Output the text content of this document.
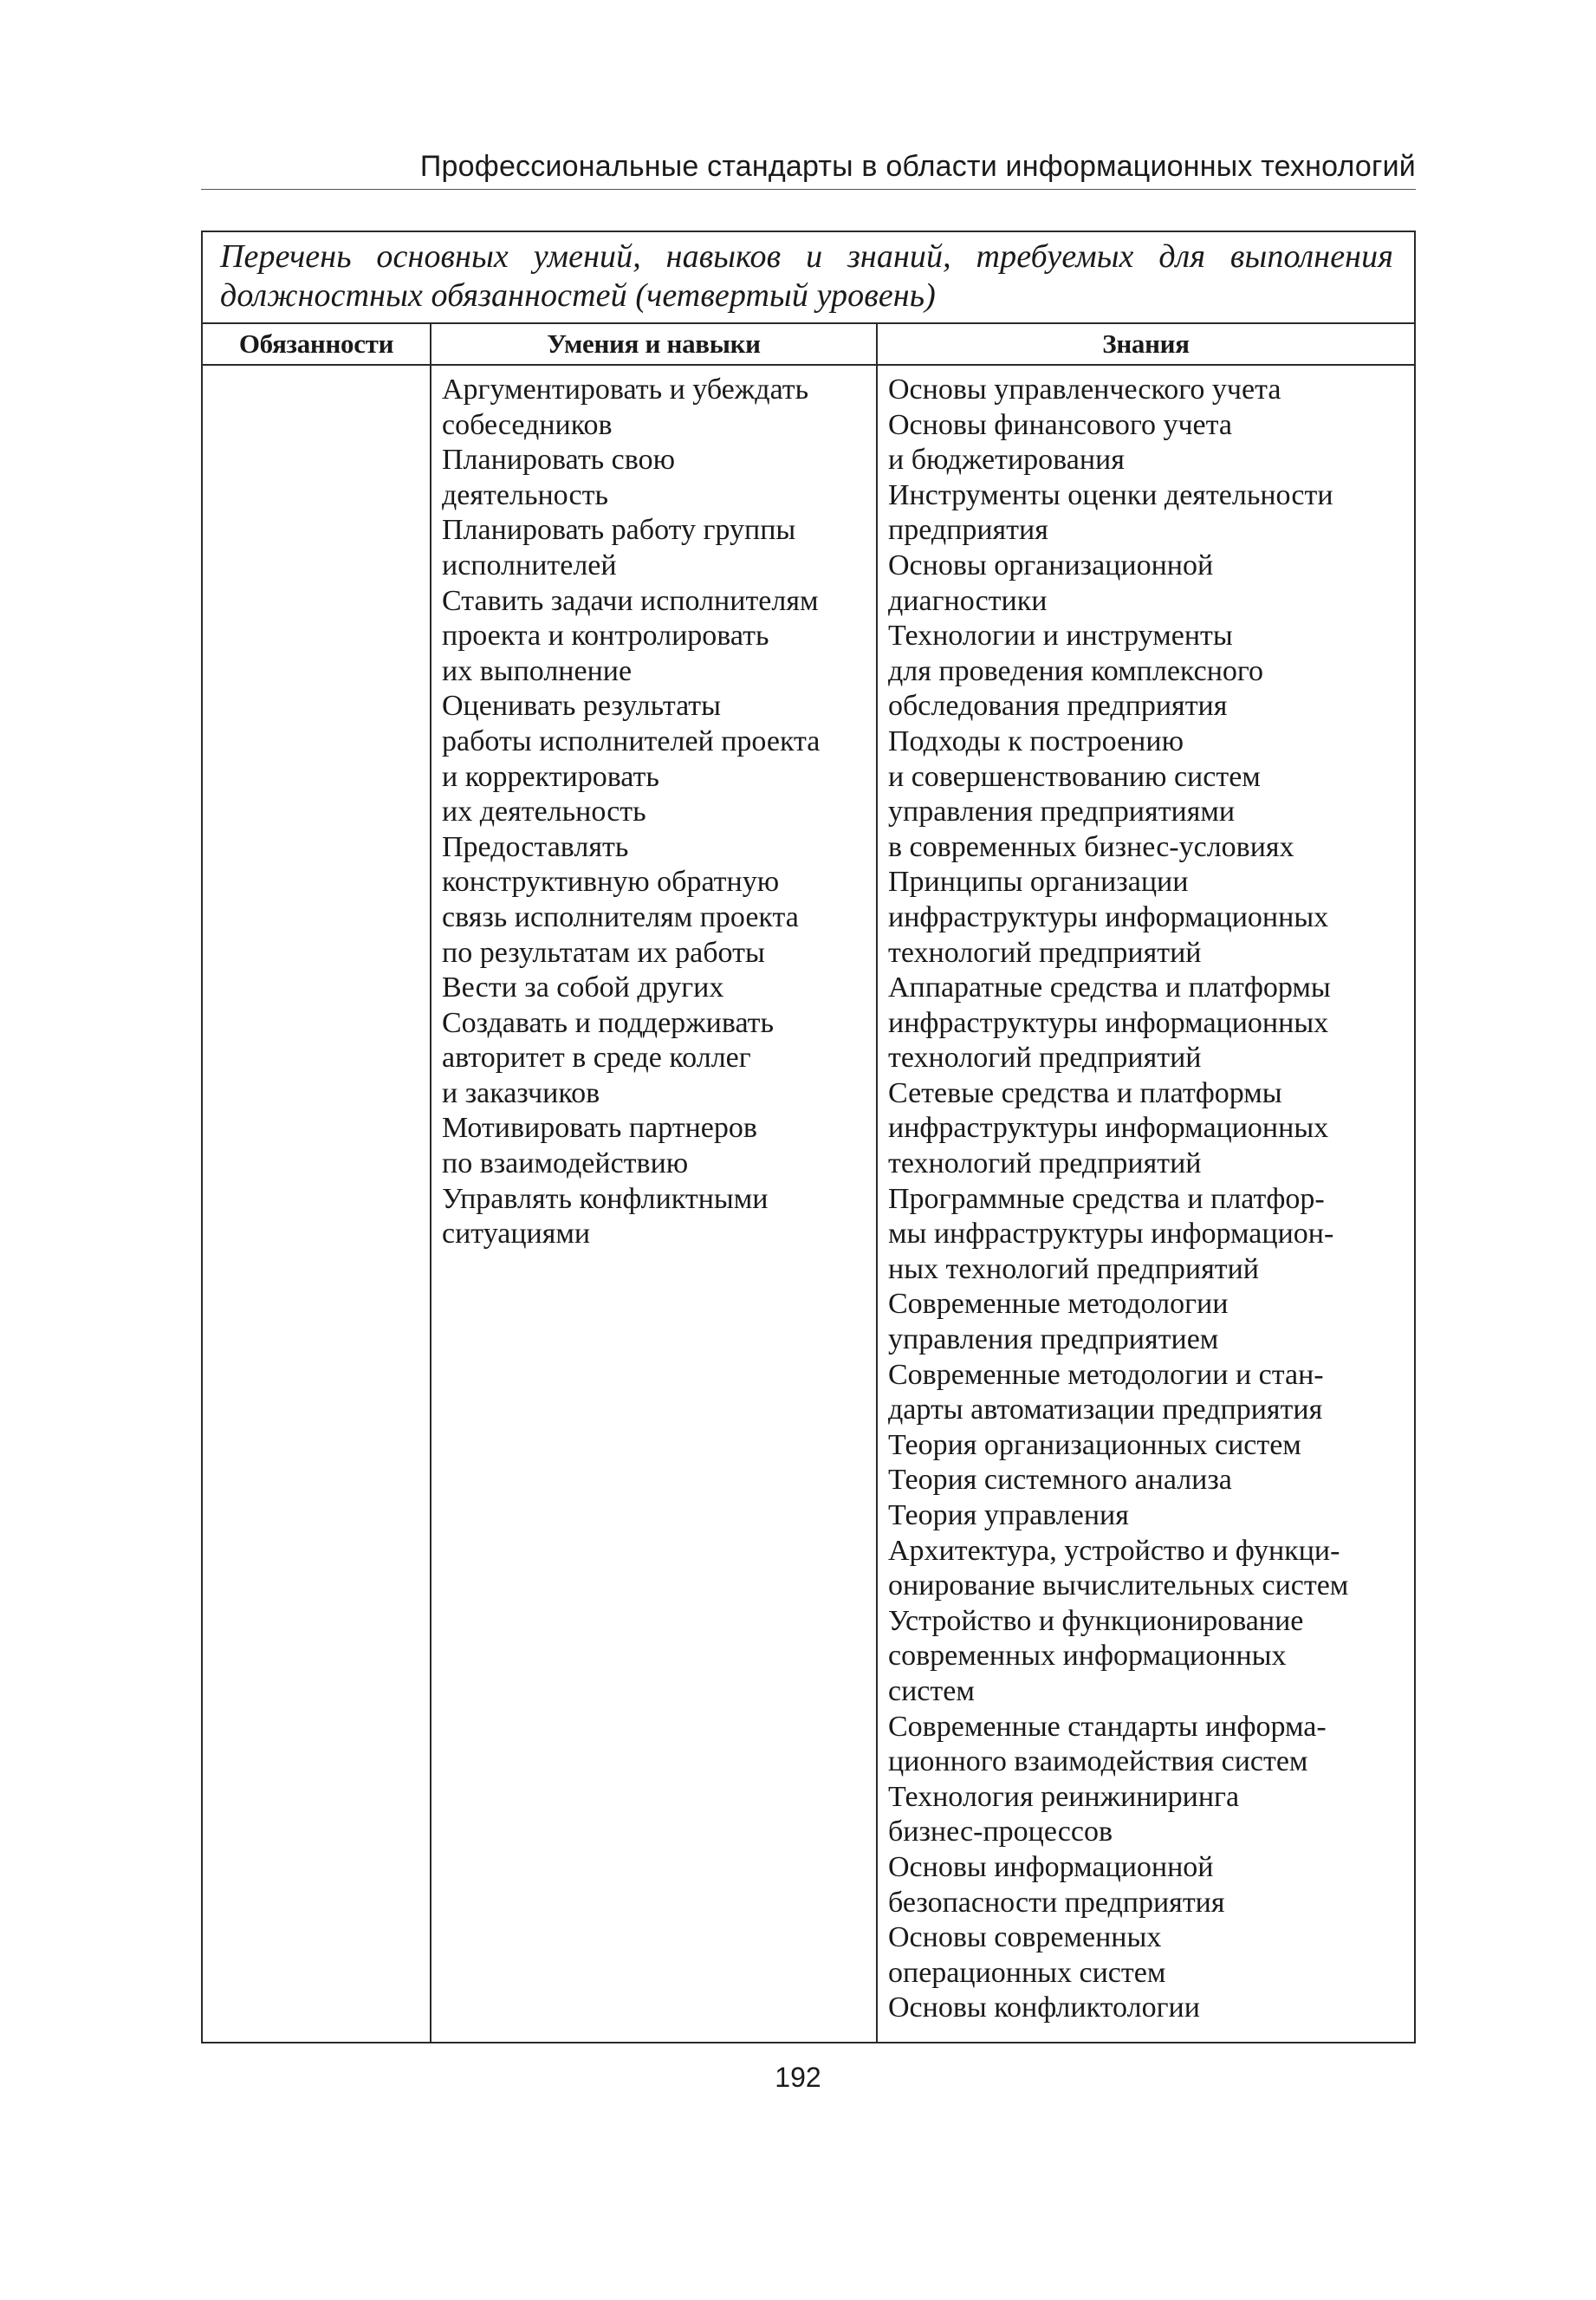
Профессиональные стандарты в области информационных технологий
Перечень основных умений, навыков и знаний, требуемых для выполнения должностных обязанностей (четвертый уровень)
Обязанности	Умения и навыки	Знания
Аргументировать и убеждать
собеседников
Планировать свою
деятельность
Планировать работу группы
исполнителей
Ставить задачи исполнителям
проекта и контролировать
их выполнение
Оценивать результаты
работы исполнителей проекта
и корректировать
их деятельность
Предоставлять
конструктивную обратную
связь исполнителям проекта
по результатам их работы
Вести за собой других
Создавать и поддерживать
авторитет в среде коллег
и заказчиков
Мотивировать партнеров
по взаимодействию
Управлять конфликтными
ситуациями
Основы управленческого учета
Основы финансового учета
и бюджетирования
Инструменты оценки деятельности
предприятия
Основы организационной
диагностики
Технологии и инструменты
для проведения комплексного
обследования предприятия
Подходы к построению
и совершенствованию систем
управления предприятиями
в современных бизнес-условиях
Принципы организации
инфраструктуры информационных
технологий предприятий
Аппаратные средства и платформы
инфраструктуры информационных
технологий предприятий
Сетевые средства и платформы
инфраструктуры информационных
технологий предприятий
Программные средства и платфор-
мы инфраструктуры информацион-
ных технологий предприятий
Современные методологии
управления предприятием
Современные методологии и стан-
дарты автоматизации предприятия
Теория организационных систем
Теория системного анализа
Теория управления
Архитектура, устройство и функци-
онирование вычислительных систем
Устройство и функционирование
современных информационных
систем
Современные стандарты информа-
ционного взаимодействия систем
Технология реинжиниринга
бизнес-процессов
Основы информационной
безопасности предприятия
Основы современных
операционных систем
Основы конфликтологии
192
